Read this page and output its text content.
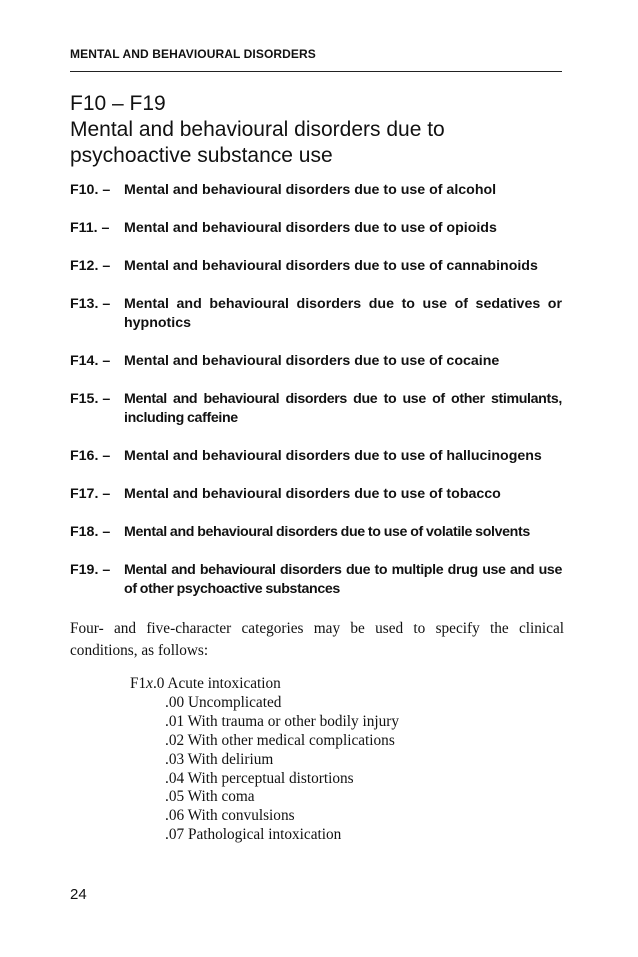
MENTAL AND BEHAVIOURAL DISORDERS
F10 – F19
Mental and behavioural disorders due to
psychoactive substance use
F10. – Mental and behavioural disorders due to use of alcohol
F11. –	Mental and behavioural disorders due to use of opioids
F12. – Mental and behavioural disorders due to use of cannabinoids
F13. – Mental and behavioural disorders due to use of sedatives or hypnotics
F14. – Mental and behavioural disorders due to use of cocaine
F15. – Mental and behavioural disorders due to use of other stimulants, including caffeine
F16. – Mental and behavioural disorders due to use of hallucinogens
F17. – Mental and behavioural disorders due to use of tobacco
F18. – Mental and behavioural disorders due to use of volatile solvents
F19. – Mental and behavioural disorders due to multiple drug use and use of other psychoactive substances

Four- and five-character categories may be used to specify the clinical conditions, as follows:

F1x.0 Acute intoxication
.00 Uncomplicated
.01 With trauma or other bodily injury
.02 With other medical complications
.03 With delirium
.04 With perceptual distortions
.05 With coma
.06 With convulsions
.07 Pathological intoxication
24
